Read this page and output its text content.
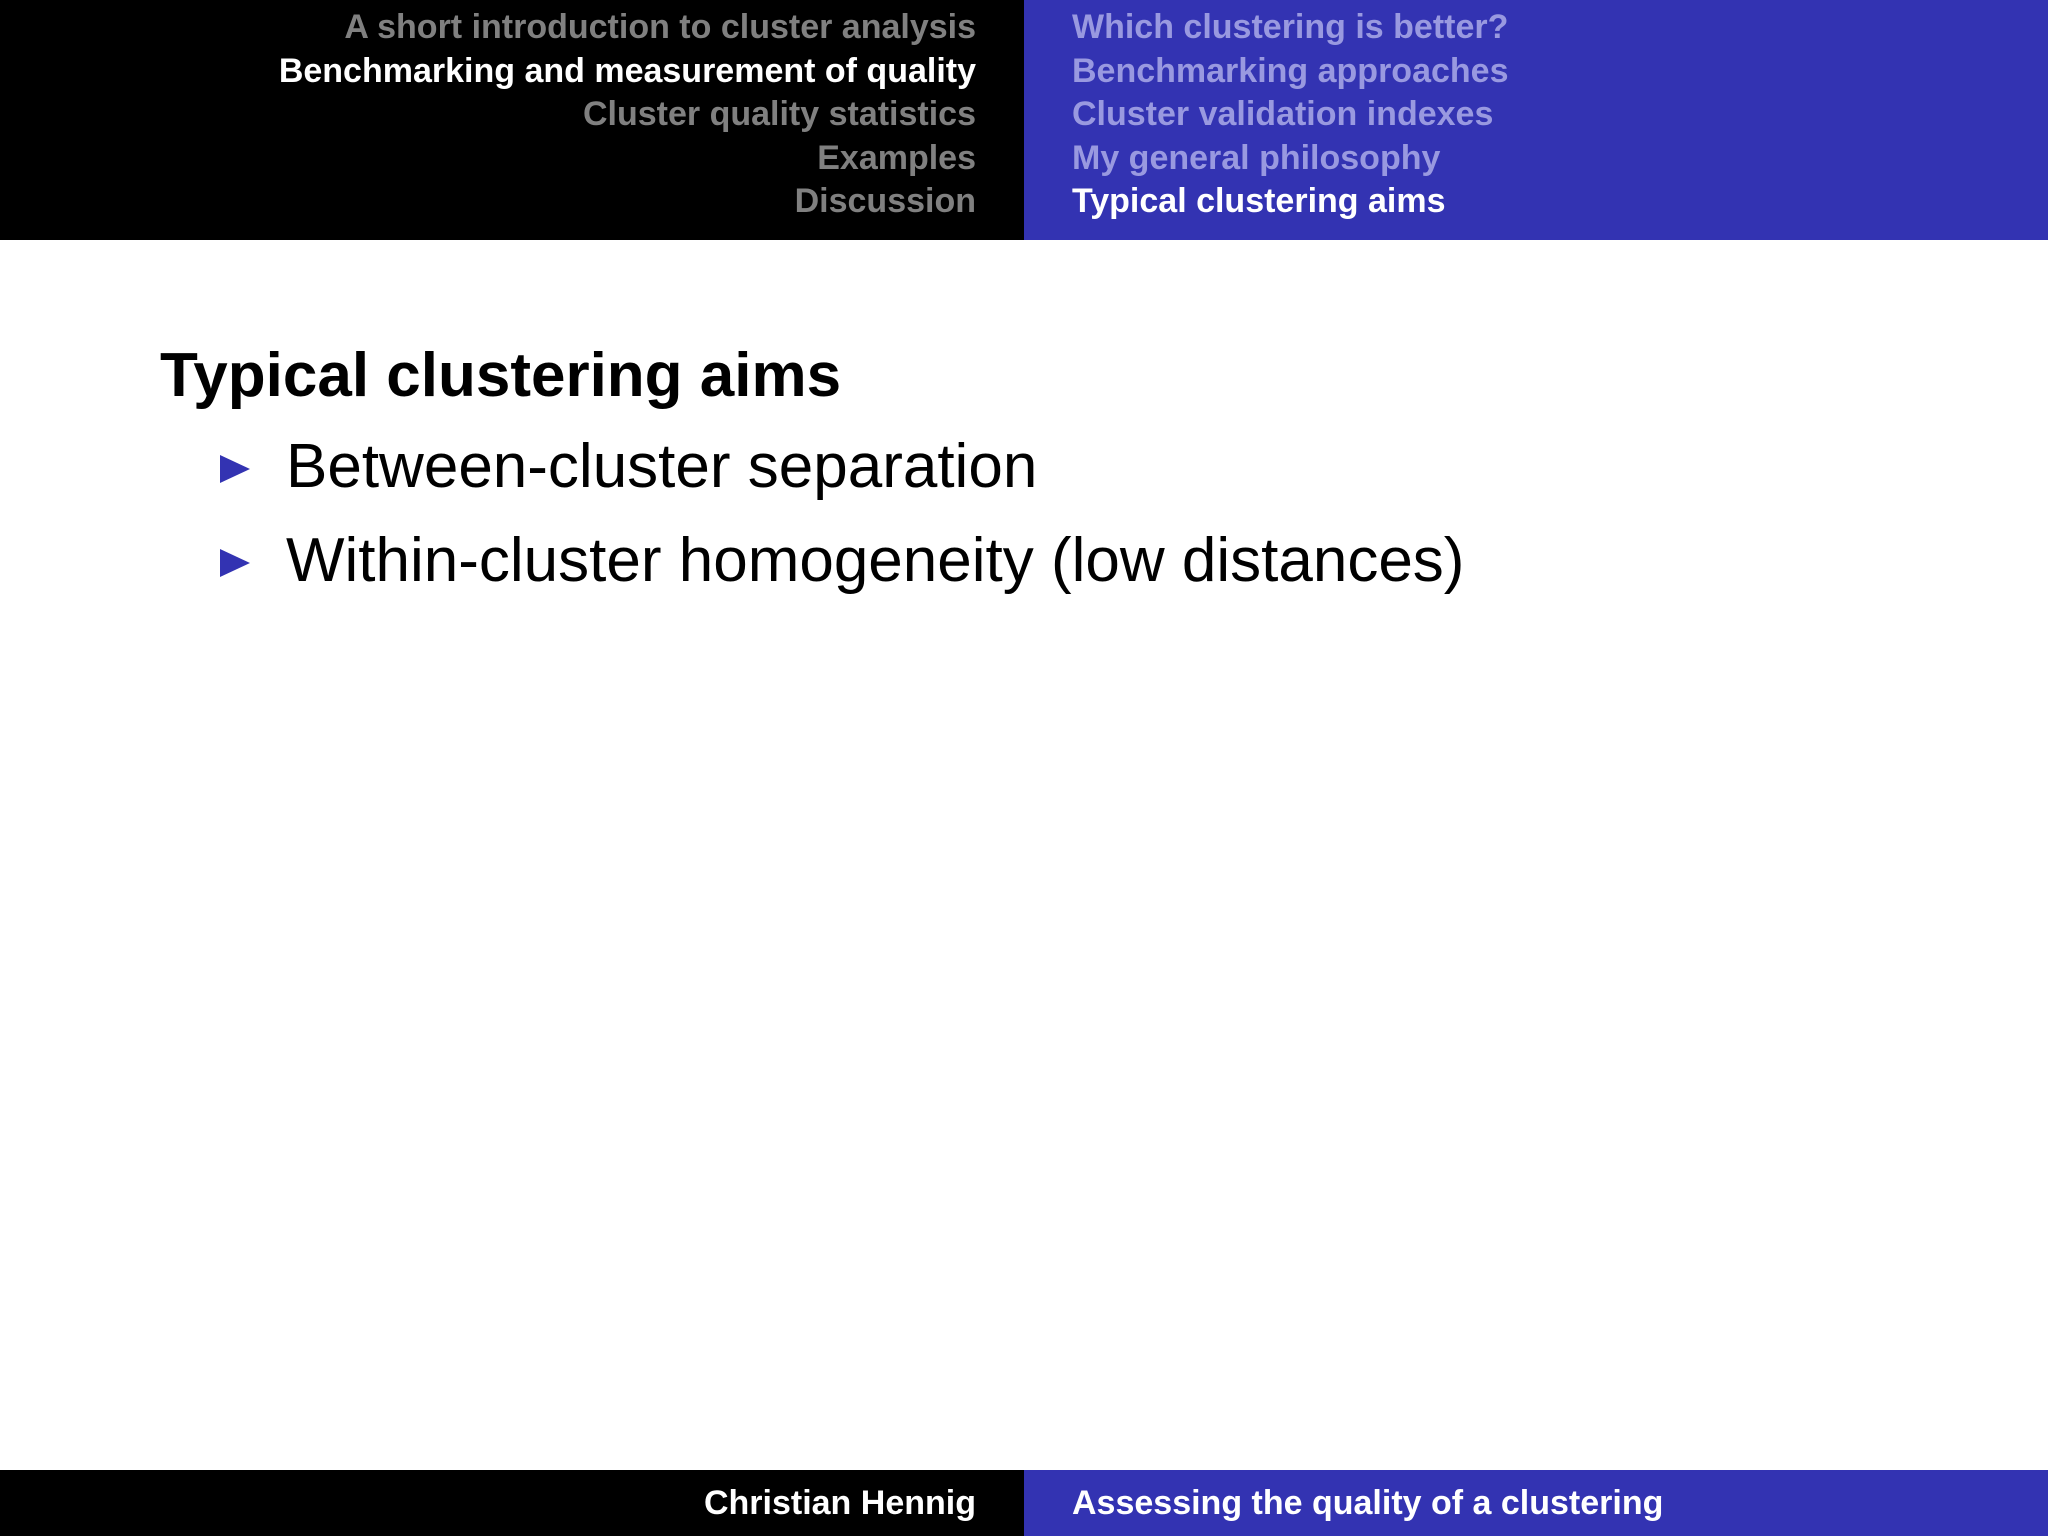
A short introduction to cluster analysis
Benchmarking and measurement of quality
Cluster quality statistics
Examples
Discussion
Which clustering is better?
Benchmarking approaches
Cluster validation indexes
My general philosophy
Typical clustering aims
Typical clustering aims
Between-cluster separation
Within-cluster homogeneity (low distances)
Christian Hennig	Assessing the quality of a clustering
